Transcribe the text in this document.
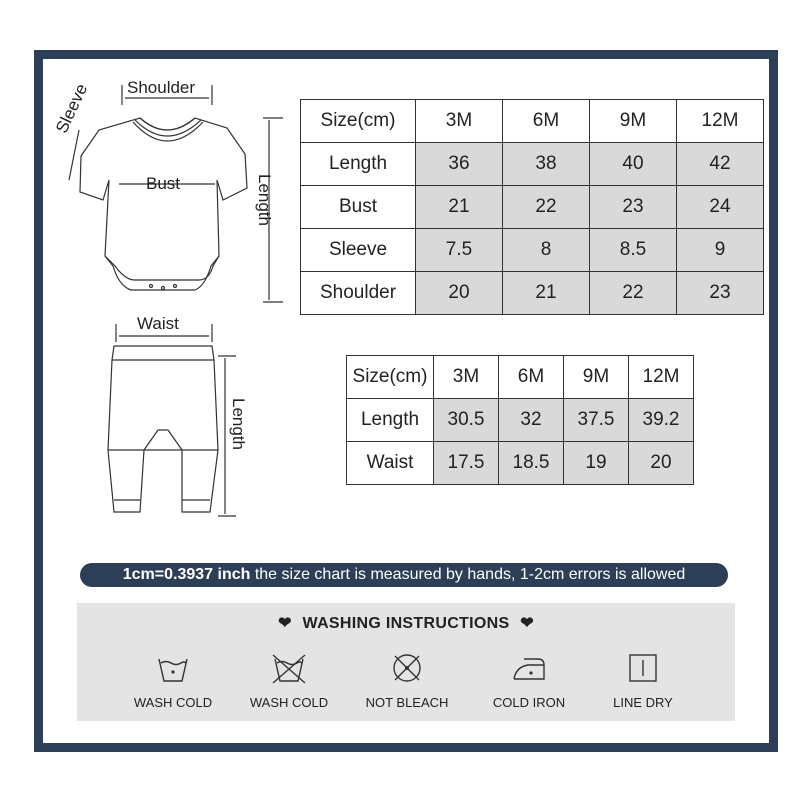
Shoulder
Sleeve
Bust	Length
Size(cm)	3M	6M	9M	12M
Length	36	38	40	42
Bust	21	22	23	24
Sleeve	7.5	8	8.5	9
Shoulder	20	21	22	23
Waist
Length
Size(cm)	3M	6M	9M	12M
Length	30.5	32	37.5	39.2
Waist	17.5	18.5	19	20
1cm=0.3937 inch the size chart is measured by hands, 1-2cm errors is allowed
❤ WASHING INSTRUCTIONS ❤
WASH COLD	WASH COLD	NOT BLEACH	COLD IRON	LINE DRY
